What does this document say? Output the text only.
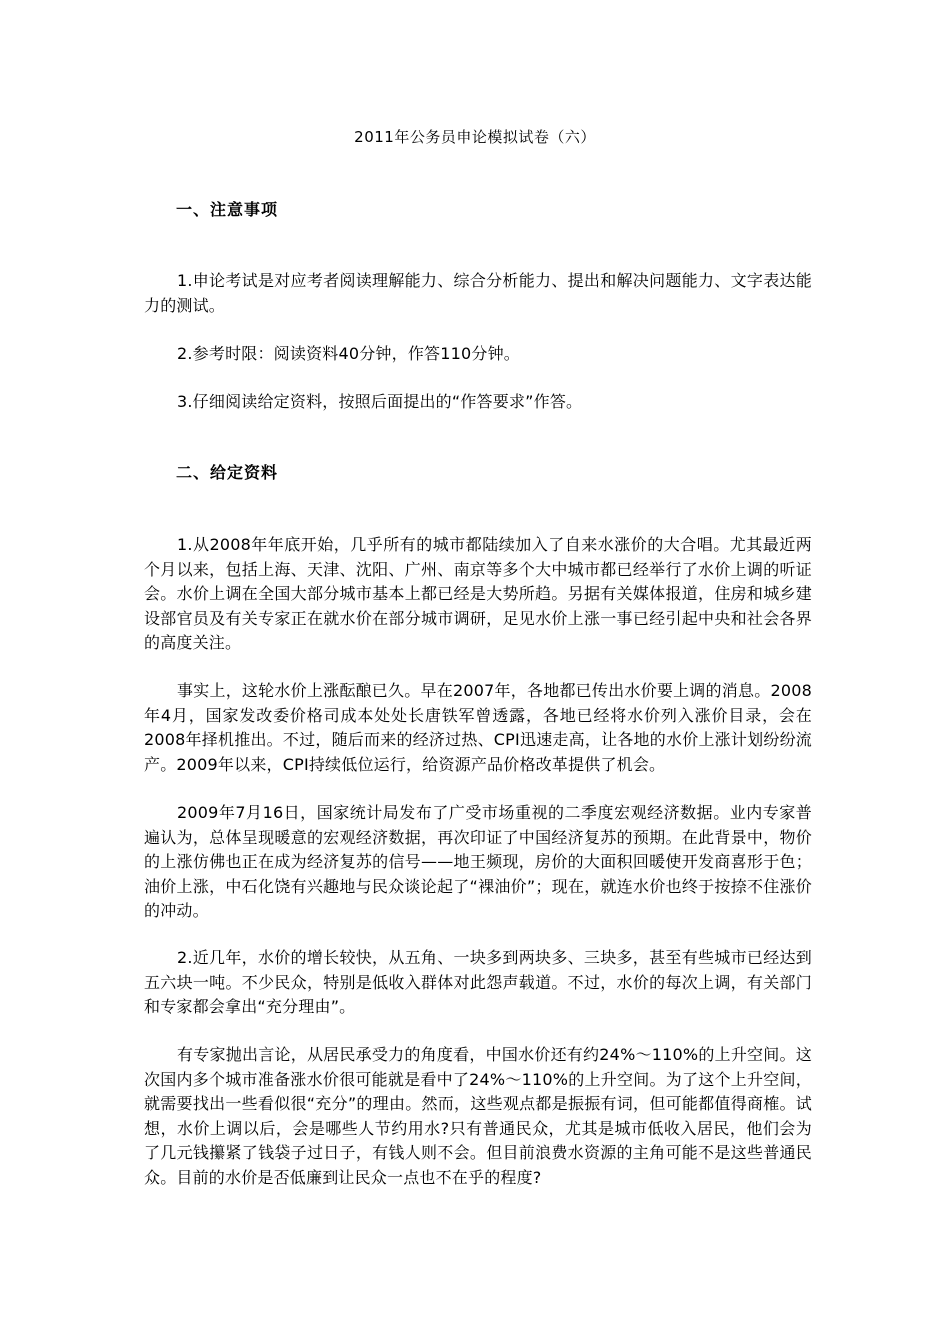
2011年公务员申论模拟试卷（六）
一、注意事项

1.申论考试是对应考者阅读理解能力、综合分析能力、提出和解决问题能力、文字表达能力的测试。

2.参考时限：阅读资料40分钟，作答110分钟。

3.仔细阅读给定资料，按照后面提出的“作答要求”作答。

二、给定资料

1.从2008年年底开始，几乎所有的城市都陆续加入了自来水涨价的大合唱。尤其最近两个月以来，包括上海、天津、沈阳、广州、南京等多个大中城市都已经举行了水价上调的听证会。水价上调在全国大部分城市基本上都已经是大势所趋。另据有关媒体报道，住房和城乡建设部官员及有关专家正在就水价在部分城市调研，足见水价上涨一事已经引起中央和社会各界的高度关注。

事实上，这轮水价上涨酝酿已久。早在2007年，各地都已传出水价要上调的消息。2008年4月，国家发改委价格司成本处处长唐铁军曾透露，各地已经将水价列入涨价目录，会在2008年择机推出。不过，随后而来的经济过热、CPI迅速走高，让各地的水价上涨计划纷纷流产。2009年以来，CPI持续低位运行，给资源产品价格改革提供了机会。

2009年7月16日，国家统计局发布了广受市场重视的二季度宏观经济数据。业内专家普遍认为，总体呈现暖意的宏观经济数据，再次印证了中国经济复苏的预期。在此背景中，物价的上涨仿佛也正在成为经济复苏的信号——地王频现，房价的大面积回暖使开发商喜形于色；油价上涨，中石化饶有兴趣地与民众谈论起了“裸油价”；现在，就连水价也终于按捺不住涨价的冲动。

2.近几年，水价的增长较快，从五角、一块多到两块多、三块多，甚至有些城市已经达到五六块一吨。不少民众，特别是低收入群体对此怨声载道。不过，水价的每次上调，有关部门和专家都会拿出“充分理由”。

有专家抛出言论，从居民承受力的角度看，中国水价还有约24%～110%的上升空间。这次国内多个城市准备涨水价很可能就是看中了24%～110%的上升空间。为了这个上升空间，就需要找出一些看似很“充分”的理由。然而，这些观点都是振振有词，但可能都值得商榷。试想，水价上调以后，会是哪些人节约用水?只有普通民众，尤其是城市低收入居民，他们会为了几元钱攥紧了钱袋子过日子，有钱人则不会。但目前浪费水资源的主角可能不是这些普通民众。目前的水价是否低廉到让民众一点也不在乎的程度?
